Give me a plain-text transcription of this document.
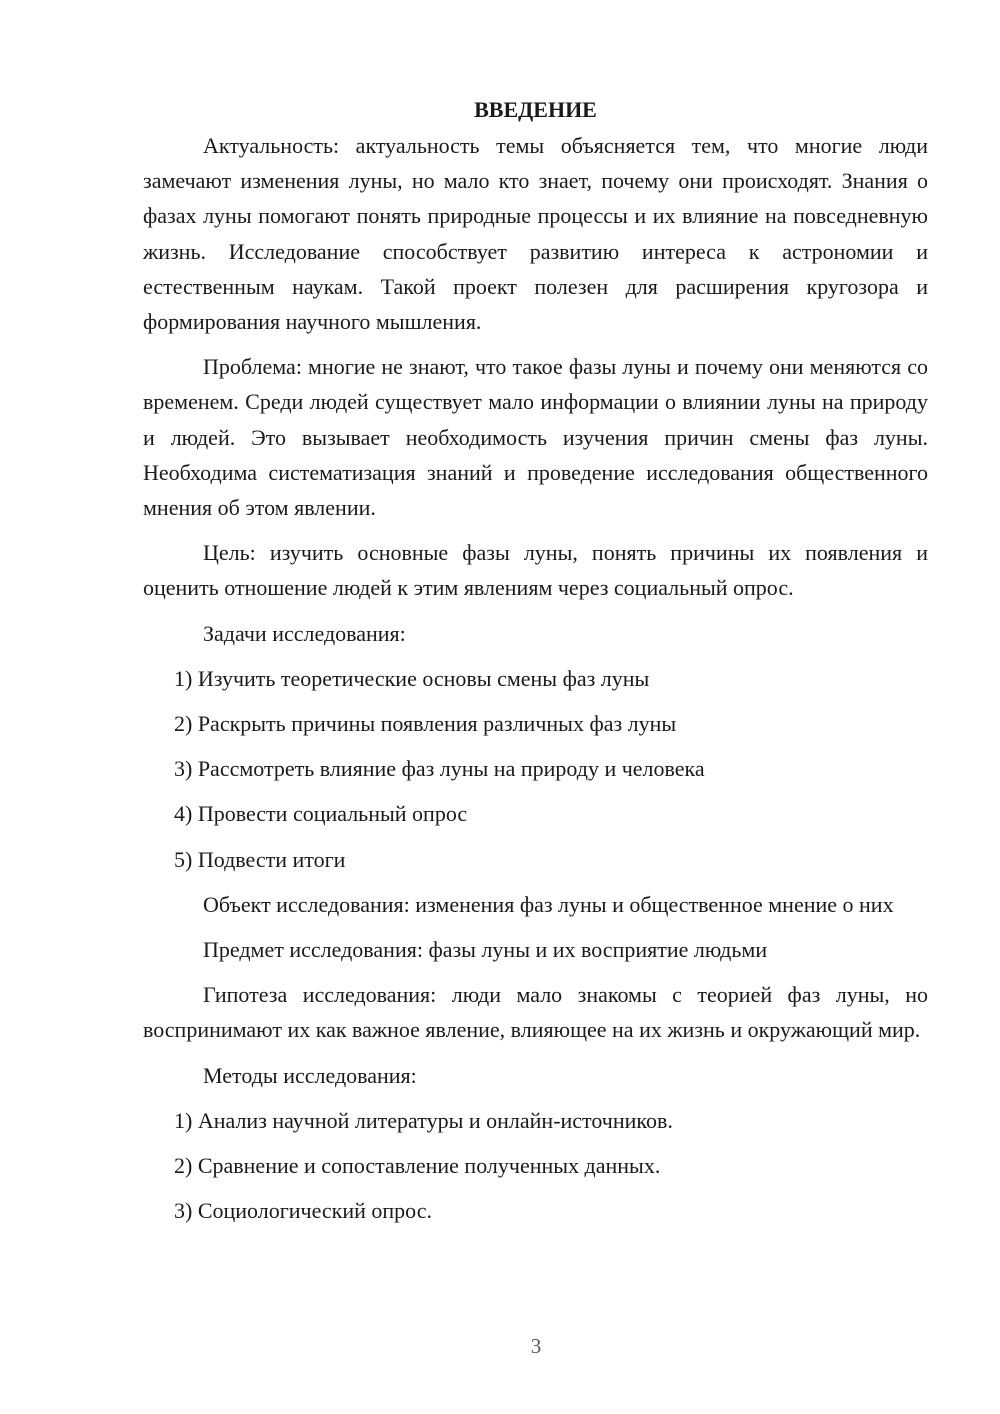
ВВЕДЕНИЕ

Актуальность: актуальность темы объясняется тем, что многие люди замечают изменения луны, но мало кто знает, почему они происходят. Знания о фазах луны помогают понять природные процессы и их влияние на повседневную жизнь. Исследование способствует развитию интереса к астрономии и естественным наукам. Такой проект полезен для расширения кругозора и формирования научного мышления.

Проблема: многие не знают, что такое фазы луны и почему они меняются со временем. Среди людей существует мало информации о влиянии луны на природу и людей. Это вызывает необходимость изучения причин смены фаз луны. Необходима систематизация знаний и проведение исследования общественного мнения об этом явлении.

Цель: изучить основные фазы луны, понять причины их появления и оценить отношение людей к этим явлениям через социальный опрос.

Задачи исследования:

1) Изучить теоретические основы смены фаз луны
2) Раскрыть причины появления различных фаз луны
3) Рассмотреть влияние фаз луны на природу и человека
4) Провести социальный опрос
5) Подвести итоги

Объект исследования: изменения фаз луны и общественное мнение о них

Предмет исследования: фазы луны и их восприятие людьми

Гипотеза исследования: люди мало знакомы с теорией фаз луны, но воспринимают их как важное явление, влияющее на их жизнь и окружающий мир.

Методы исследования:

1) Анализ научной литературы и онлайн-источников.
2) Сравнение и сопоставление полученных данных.
3) Социологический опрос.
3
